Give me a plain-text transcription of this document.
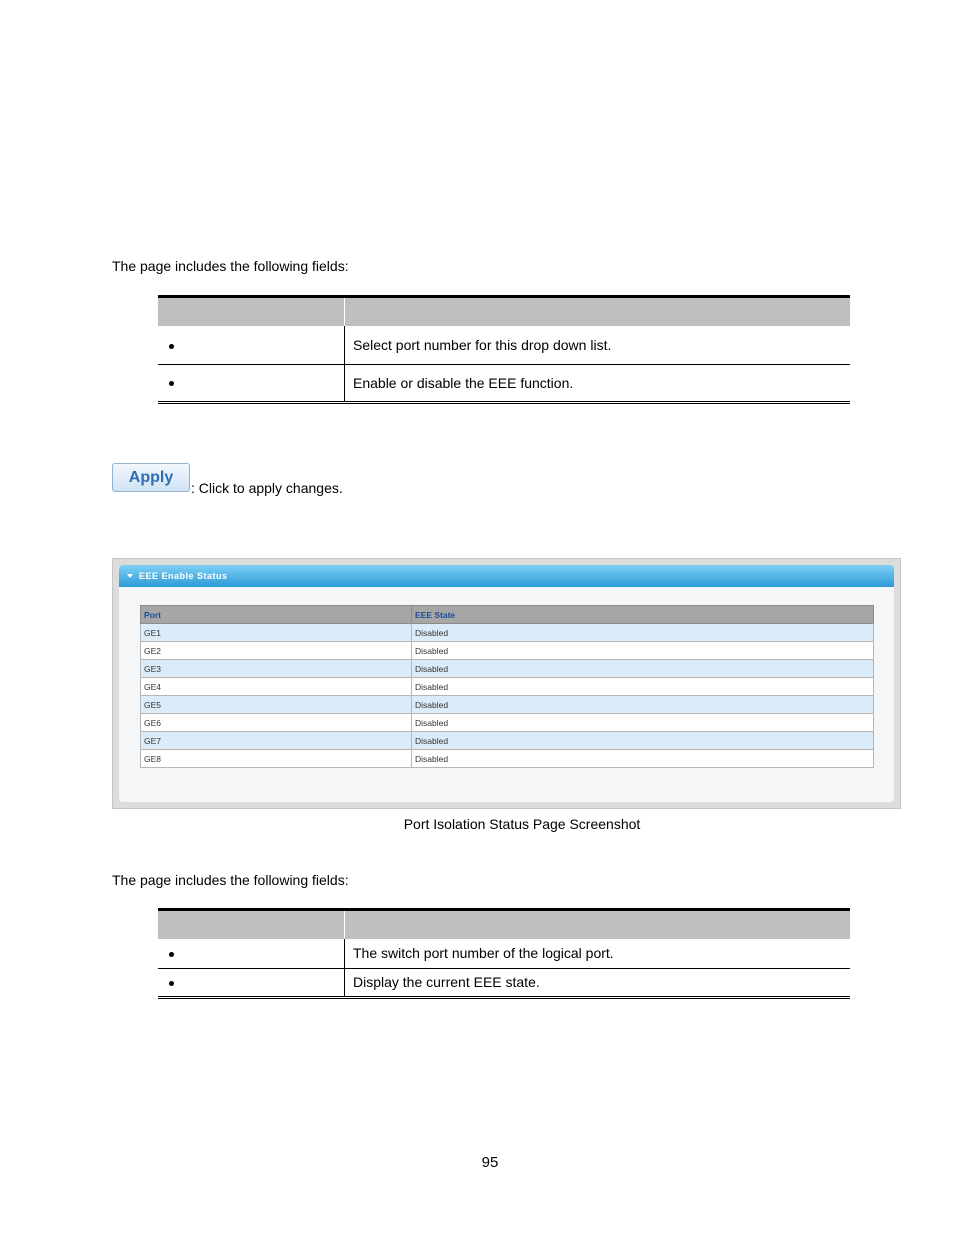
The page includes the following fields:

	Select port number for this drop down list.
	Enable or disable the EEE function.
Apply
: Click to apply changes.
EEE Enable Status
Port	EEE State
GE1	Disabled
GE2	Disabled
GE3	Disabled
GE4	Disabled
GE5	Disabled
GE6	Disabled
GE7	Disabled
GE8	Disabled
Port Isolation Status Page Screenshot
The page includes the following fields:

	The switch port number of the logical port.
	Display the current EEE state.
95
